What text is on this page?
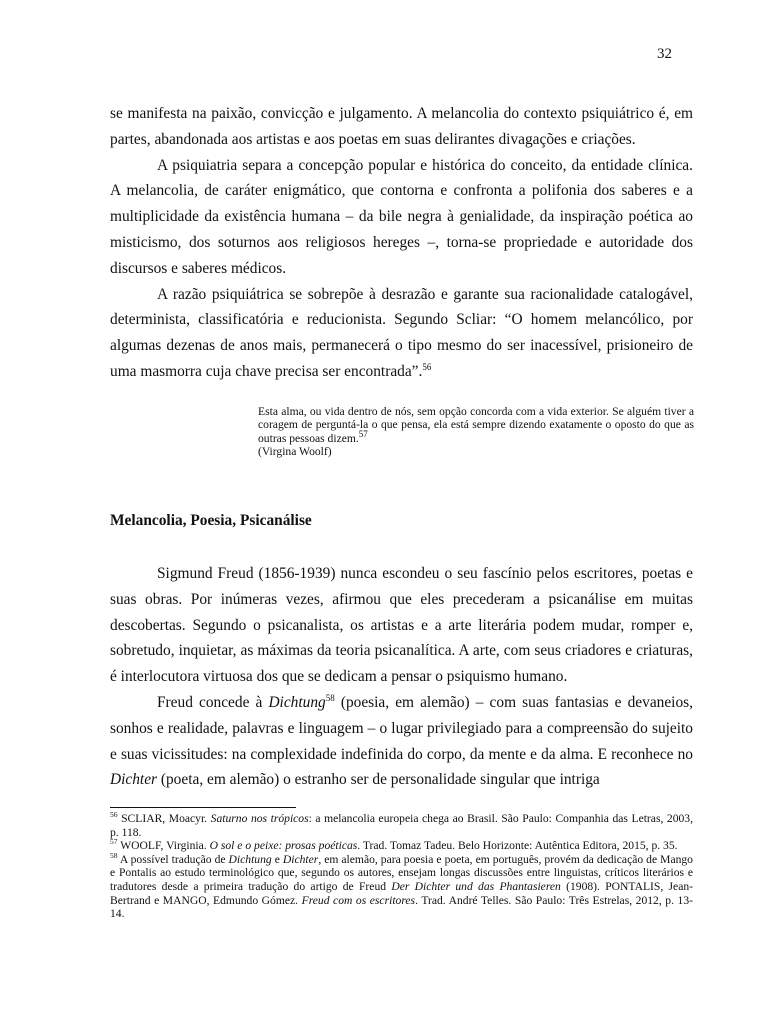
32

se manifesta na paixão, convicção e julgamento. A melancolia do contexto psiquiátrico é, em partes, abandonada aos artistas e aos poetas em suas delirantes divagações e criações.

A psiquiatria separa a concepção popular e histórica do conceito, da entidade clínica. A melancolia, de caráter enigmático, que contorna e confronta a polifonia dos saberes e a multiplicidade da existência humana – da bile negra à genialidade, da inspiração poética ao misticismo, dos soturnos aos religiosos hereges –, torna-se propriedade e autoridade dos discursos e saberes médicos.

A razão psiquiátrica se sobrepõe à desrazão e garante sua racionalidade catalogável, determinista, classificatória e reducionista. Segundo Scliar: “O homem melancólico, por algumas dezenas de anos mais, permanecerá o tipo mesmo do ser inacessível, prisioneiro de uma masmorra cuja chave precisa ser encontrada”.$^{56}$

Esta alma, ou vida dentro de nós, sem opção concorda com a vida exterior. Se alguém tiver a coragem de perguntá-la o que pensa, ela está sempre dizendo exatamente o oposto do que as outras pessoas dizem.$^{57}$
(Virgina Woolf)

Melancolia, Poesia, Psicanálise

Sigmund Freud (1856-1939) nunca escondeu o seu fascínio pelos escritores, poetas e suas obras. Por inúmeras vezes, afirmou que eles precederam a psicanálise em muitas descobertas. Segundo o psicanalista, os artistas e a arte literária podem mudar, romper e, sobretudo, inquietar, as máximas da teoria psicanalítica. A arte, com seus criadores e criaturas, é interlocutora virtuosa dos que se dedicam a pensar o psiquismo humano.

Freud concede à Dichtung$^{58}$ (poesia, em alemão) – com suas fantasias e devaneios, sonhos e realidade, palavras e linguagem – o lugar privilegiado para a compreensão do sujeito e suas vicissitudes: na complexidade indefinida do corpo, da mente e da alma. E reconhece no Dichter (poeta, em alemão) o estranho ser de personalidade singular que intriga

$^{56}$ SCLIAR, Moacyr. Saturno nos trópicos: a melancolia europeia chega ao Brasil. São Paulo: Companhia das Letras, 2003, p. 118.

$^{57}$ WOOLF, Virginia. O sol e o peixe: prosas poéticas. Trad. Tomaz Tadeu. Belo Horizonte: Autêntica Editora, 2015, p. 35.

$^{58}$ A possível tradução de Dichtung e Dichter, em alemão, para poesia e poeta, em português, provém da dedicação de Mango e Pontalis ao estudo terminológico que, segundo os autores, ensejam longas discussões entre linguistas, críticos literários e tradutores desde a primeira tradução do artigo de Freud Der Dichter und das Phantasieren (1908). PONTALIS, Jean-Bertrand e MANGO, Edmundo Gómez. Freud com os escritores. Trad. André Telles. São Paulo: Três Estrelas, 2012, p. 13-14.
